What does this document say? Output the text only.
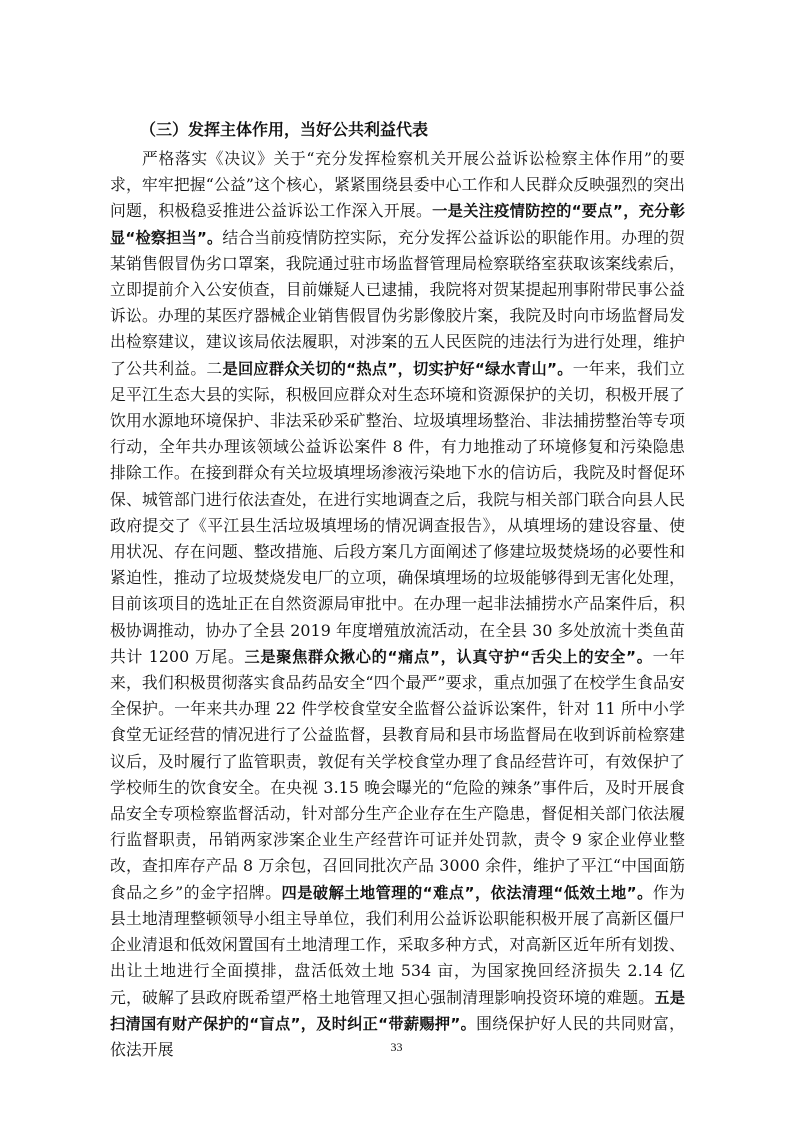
（三）发挥主体作用，当好公共利益代表

严格落实《决议》关于“充分发挥检察机关开展公益诉讼检察主体作用”的要求，牢牢把握“公益”这个核心，紧紧围绕县委中心工作和人民群众反映强烈的突出问题，积极稳妥推进公益诉讼工作深入开展。一是关注疫情防控的“要点”，充分彰显“检察担当”。结合当前疫情防控实际，充分发挥公益诉讼的职能作用。办理的贺某销售假冒伪劣口罩案，我院通过驻市场监督管理局检察联络室获取该案线索后，立即提前介入公安侦查，目前嫌疑人已逮捕，我院将对贺某提起刑事附带民事公益诉讼。办理的某医疗器械企业销售假冒伪劣影像胶片案，我院及时向市场监督局发出检察建议，建议该局依法履职，对涉案的五人民医院的违法行为进行处理，维护了公共利益。二是回应群众关切的“热点”，切实护好“绿水青山”。一年来，我们立足平江生态大县的实际，积极回应群众对生态环境和资源保护的关切，积极开展了饮用水源地环境保护、非法采砂采矿整治、垃圾填埋场整治、非法捕捞整治等专项行动，全年共办理该领域公益诉讼案件 8 件，有力地推动了环境修复和污染隐患排除工作。在接到群众有关垃圾填埋场渗液污染地下水的信访后，我院及时督促环保、城管部门进行依法查处，在进行实地调查之后，我院与相关部门联合向县人民政府提交了《平江县生活垃圾填埋场的情况调查报告》，从填埋场的建设容量、使用状况、存在问题、整改措施、后段方案几方面阐述了修建垃圾焚烧场的必要性和紧迫性，推动了垃圾焚烧发电厂的立项，确保填埋场的垃圾能够得到无害化处理，目前该项目的选址正在自然资源局审批中。在办理一起非法捕捞水产品案件后，积极协调推动，协办了全县 2019 年度增殖放流活动，在全县 30 多处放流十类鱼苗共计 1200 万尾。三是聚焦群众揪心的“痛点”，认真守护“舌尖上的安全”。一年来，我们积极贯彻落实食品药品安全“四个最严”要求，重点加强了在校学生食品安全保护。一年来共办理 22 件学校食堂安全监督公益诉讼案件，针对 11 所中小学食堂无证经营的情况进行了公益监督，县教育局和县市场监督局在收到诉前检察建议后，及时履行了监管职责，敦促有关学校食堂办理了食品经营许可，有效保护了学校师生的饮食安全。在央视 3.15 晚会曝光的“危险的辣条”事件后，及时开展食品安全专项检察监督活动，针对部分生产企业存在生产隐患，督促相关部门依法履行监督职责，吊销两家涉案企业生产经营许可证并处罚款，责令 9 家企业停业整改，查扣库存产品 8 万余包，召回同批次产品 3000 余件，维护了平江“中国面筋食品之乡”的金字招牌。四是破解土地管理的“难点”，依法清理“低效土地”。作为县土地清理整顿领导小组主导单位，我们利用公益诉讼职能积极开展了高新区僵尸企业清退和低效闲置国有土地清理工作，采取多种方式，对高新区近年所有划拨、出让土地进行全面摸排，盘活低效土地 534 亩，为国家挽回经济损失 2.14 亿元，破解了县政府既希望严格土地管理又担心强制清理影响投资环境的难题。五是扫清国有财产保护的“盲点”，及时纠正“带薪赐押”。围绕保护好人民的共同财富，依法开展	33
